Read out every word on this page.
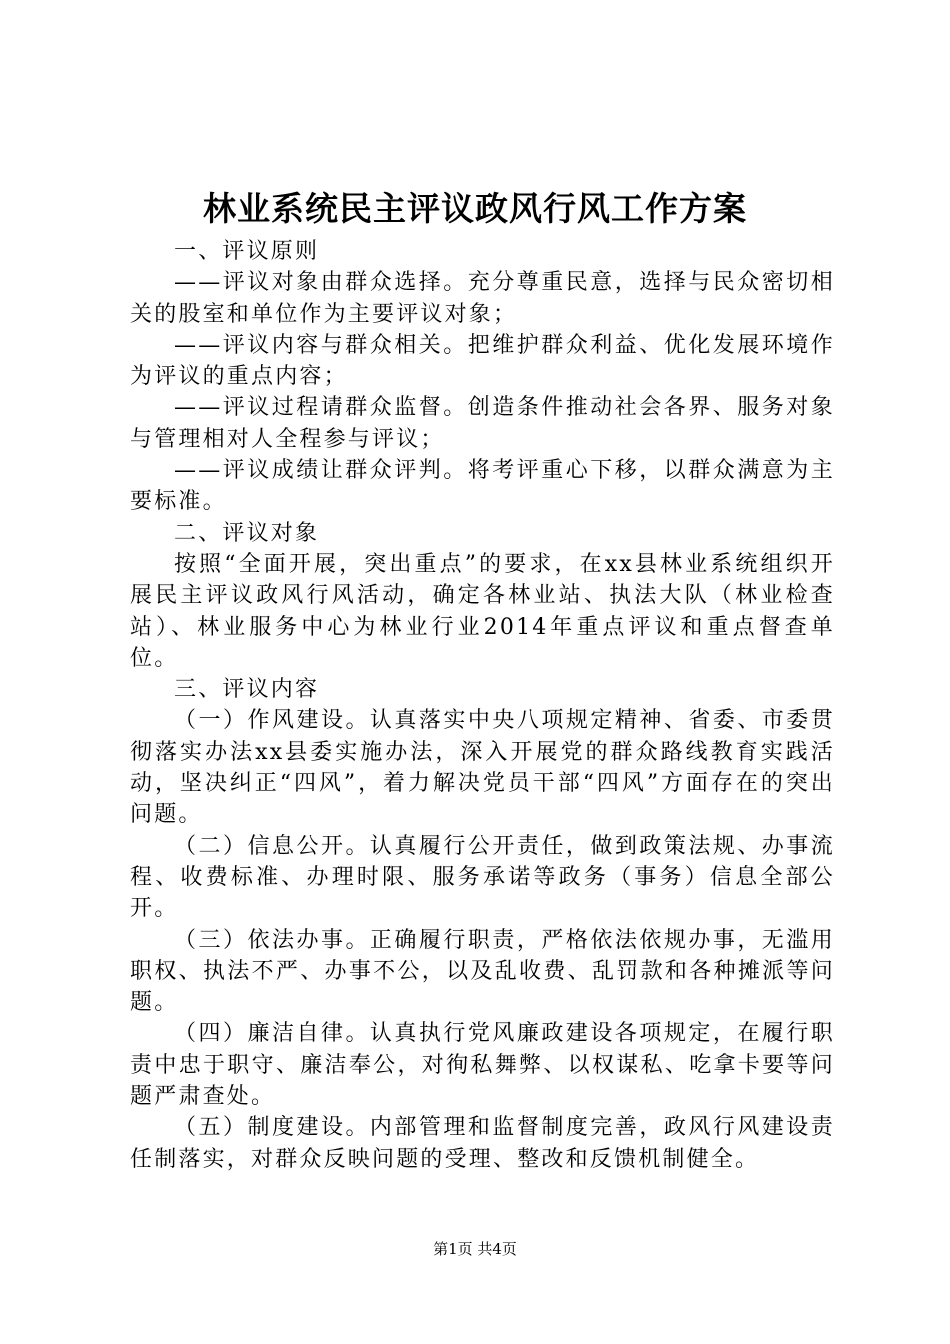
林业系统民主评议政风行风工作方案

一、评议原则

——评议对象由群众选择。充分尊重民意，选择与民众密切相关的股室和单位作为主要评议对象；

——评议内容与群众相关。把维护群众利益、优化发展环境作为评议的重点内容；

——评议过程请群众监督。创造条件推动社会各界、服务对象与管理相对人全程参与评议；

——评议成绩让群众评判。将考评重心下移，以群众满意为主要标准。

二、评议对象

按照“全面开展，突出重点”的要求，在xx县林业系统组织开展民主评议政风行风活动，确定各林业站、执法大队（林业检查站）、林业服务中心为林业行业2014年重点评议和重点督查单位。

三、评议内容

（一）作风建设。认真落实中央八项规定精神、省委、市委贯彻落实办法xx县委实施办法，深入开展党的群众路线教育实践活动，坚决纠正“四风”，着力解决党员干部“四风”方面存在的突出问题。

（二）信息公开。认真履行公开责任，做到政策法规、办事流程、收费标准、办理时限、服务承诺等政务（事务）信息全部公开。

（三）依法办事。正确履行职责，严格依法依规办事，无滥用职权、执法不严、办事不公，以及乱收费、乱罚款和各种摊派等问题。

（四）廉洁自律。认真执行党风廉政建设各项规定，在履行职责中忠于职守、廉洁奉公，对徇私舞弊、以权谋私、吃拿卡要等问题严肃查处。

（五）制度建设。内部管理和监督制度完善，政风行风建设责任制落实，对群众反映问题的受理、整改和反馈机制健全。

第1页 共4页
